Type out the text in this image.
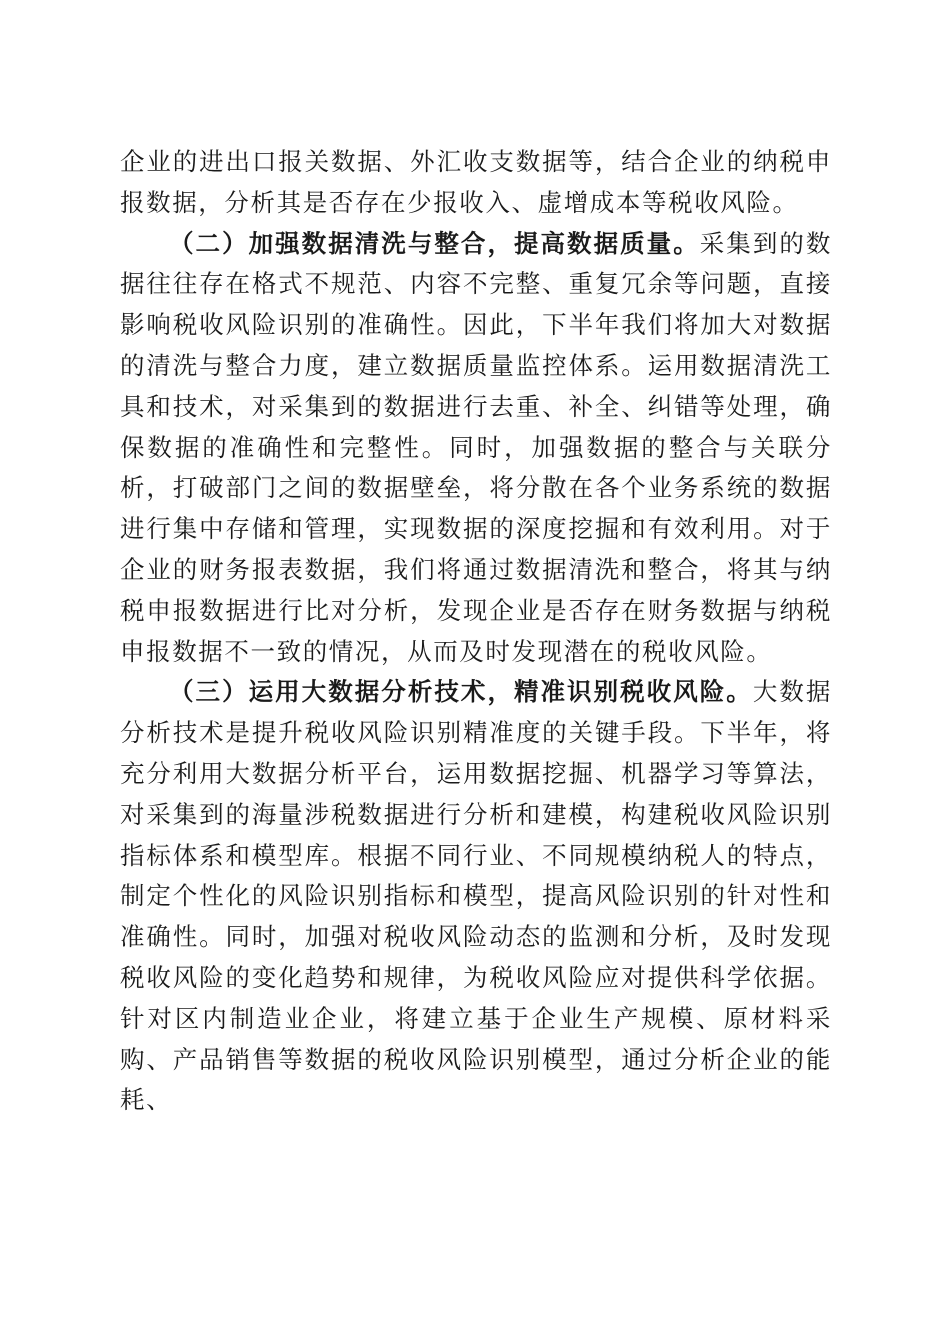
企业的进出口报关数据、外汇收支数据等，结合企业的纳税申报数据，分析其是否存在少报收入、虚增成本等税收风险。

（二）加强数据清洗与整合，提高数据质量。采集到的数据往往存在格式不规范、内容不完整、重复冗余等问题，直接影响税收风险识别的准确性。因此，下半年我们将加大对数据的清洗与整合力度，建立数据质量监控体系。运用数据清洗工具和技术，对采集到的数据进行去重、补全、纠错等处理，确保数据的准确性和完整性。同时，加强数据的整合与关联分析，打破部门之间的数据壁垒，将分散在各个业务系统的数据进行集中存储和管理，实现数据的深度挖掘和有效利用。对于企业的财务报表数据，我们将通过数据清洗和整合，将其与纳税申报数据进行比对分析，发现企业是否存在财务数据与纳税申报数据不一致的情况，从而及时发现潜在的税收风险。

（三）运用大数据分析技术，精准识别税收风险。大数据分析技术是提升税收风险识别精准度的关键手段。下半年，将充分利用大数据分析平台，运用数据挖掘、机器学习等算法，对采集到的海量涉税数据进行分析和建模，构建税收风险识别指标体系和模型库。根据不同行业、不同规模纳税人的特点，制定个性化的风险识别指标和模型，提高风险识别的针对性和准确性。同时，加强对税收风险动态的监测和分析，及时发现税收风险的变化趋势和规律，为税收风险应对提供科学依据。针对区内制造业企业，将建立基于企业生产规模、原材料采购、产品销售等数据的税收风险识别模型，通过分析企业的能耗、
